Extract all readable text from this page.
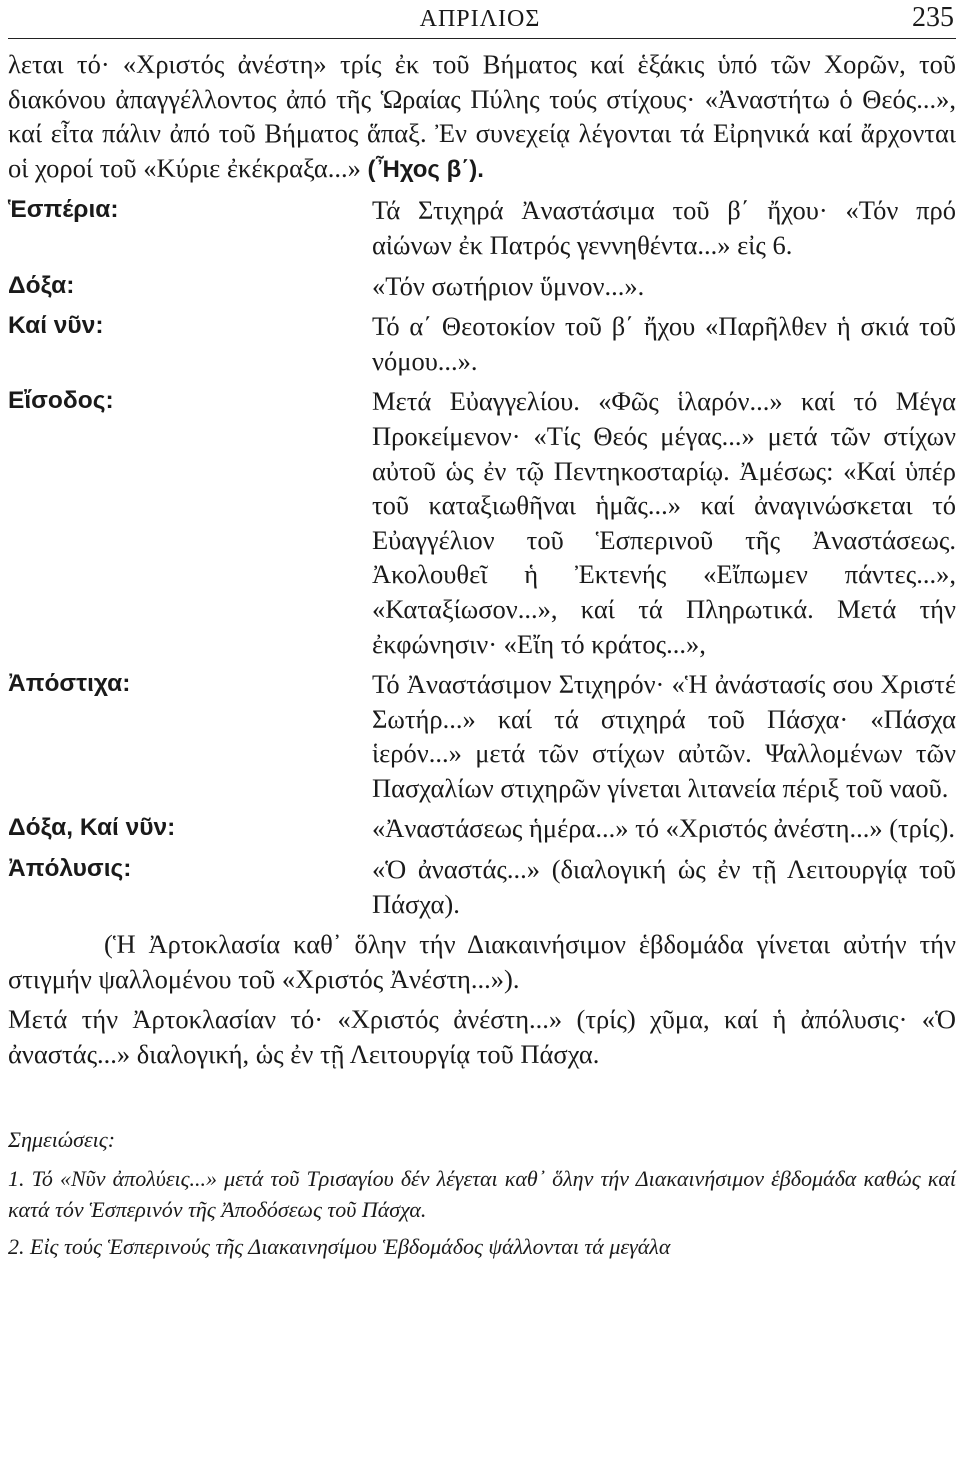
ΑΠΡΙΛΙΟΣ	235
λεται τό· «Χριστός ἀνέστη» τρίς ἐκ τοῦ Βήματος καί ἑξάκις ὑπό τῶν Χορῶν, τοῦ διακόνου ἀπαγγέλλοντος ἀπό τῆς Ὡραίας Πύλης τούς στίχους· «Ἀναστήτω ὁ Θεός...», καί εἶτα πάλιν ἀπό τοῦ Βήματος ἅπαξ. Ἐν συνεχείᾳ λέγονται τά Εἰρηνικά καί ἄρχονται οἱ χοροί τοῦ «Κύριε ἐκέκραξα...» (Ἦχος β΄).
Ἑσπέρια:	Τά Στιχηρά Ἀναστάσιμα τοῦ β΄ ἤχου· «Τόν πρό αἰώνων ἐκ Πατρός γεννηθέντα...» εἰς 6.
Δόξα:	«Τόν σωτήριον ὕμνον...».
Καί νῦν:	Τό α΄ Θεοτοκίον τοῦ β΄ ἤχου «Παρῆλθεν ἡ σκιά τοῦ νόμου...».
Εἴσοδος:	Μετά Εὐαγγελίου. «Φῶς ἱλαρόν...» καί τό Μέγα Προκείμενον· «Τίς Θεός μέγας...» μετά τῶν στίχων αὐτοῦ ὡς ἐν τῷ Πεντηκοσταρίῳ. Ἀμέσως: «Καί ὑπέρ τοῦ καταξιωθῆναι ἡμᾶς...» καί ἀναγινώσκεται τό Εὐαγγέλιον τοῦ Ἑσπερινοῦ τῆς Ἀναστάσεως. Ἀκολουθεῖ ἡ Ἐκτενής «Εἴπωμεν πάντες...», «Καταξίωσον...», καί τά Πληρωτικά. Μετά τήν ἐκφώνησιν· «Εἴη τό κράτος...»,
Ἀπόστιχα:	Τό Ἀναστάσιμον Στιχηρόν· «Ἡ ἀνάστασίς σου Χριστέ Σωτήρ...» καί τά στιχηρά τοῦ Πάσχα· «Πάσχα ἱερόν...» μετά τῶν στίχων αὐτῶν. Ψαλλομένων τῶν Πασχαλίων στιχηρῶν γίνεται λιτανεία πέριξ τοῦ ναοῦ.
Δόξα, Καί νῦν:	«Ἀναστάσεως ἡμέρα...» τό «Χριστός ἀνέστη...» (τρίς).
Ἀπόλυσις:	«Ὁ ἀναστάς...» (διαλογική ὡς ἐν τῇ Λειτουργίᾳ τοῦ Πάσχα).
(Ἡ Ἀρτοκλασία καθ᾽ ὅλην τήν Διακαινήσιμον ἑβδομάδα γίνεται αὐτήν τήν στιγμήν ψαλλομένου τοῦ «Χριστός Ἀνέστη...»).
Μετά τήν Ἀρτοκλασίαν τό· «Χριστός ἀνέστη...» (τρίς) χῦμα, καί ἡ ἀπόλυσις· «Ὁ ἀναστάς...» διαλογική, ὡς ἐν τῇ Λειτουργίᾳ τοῦ Πάσχα.
Σημειώσεις:
1. Τό «Νῦν ἀπολύεις...» μετά τοῦ Τρισαγίου δέν λέγεται καθ᾽ ὅλην τήν Διακαινήσιμον ἑβδομάδα καθώς καί κατά τόν Ἑσπερινόν τῆς Ἀποδόσεως τοῦ Πάσχα.
2. Εἰς τούς Ἑσπερινούς τῆς Διακαινησίμου Ἑβδομάδος ψάλλονται τά μεγάλα
